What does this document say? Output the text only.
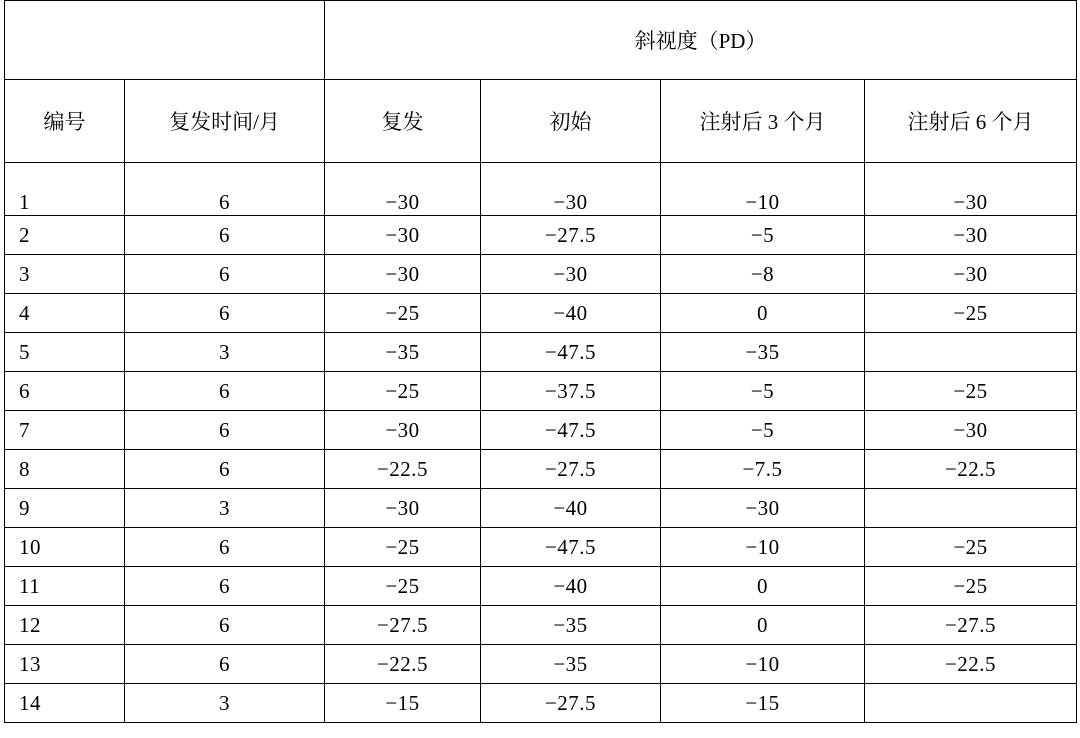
		斜视度（PD）			
编号	复发时间/月	复发	初始	注射后 3 个月	注射后 6 个月
1	6	−30	−30	−10	−30
2	6	−30	−27.5	−5	−30
3	6	−30	−30	−8	−30
4	6	−25	−40	0	−25
5	3	−35	−47.5	−35	
6	6	−25	−37.5	−5	−25
7	6	−30	−47.5	−5	−30
8	6	−22.5	−27.5	−7.5	−22.5
9	3	−30	−40	−30	
10	6	−25	−47.5	−10	−25
11	6	−25	−40	0	−25
12	6	−27.5	−35	0	−27.5
13	6	−22.5	−35	−10	−22.5
14	3	−15	−27.5	−15	
